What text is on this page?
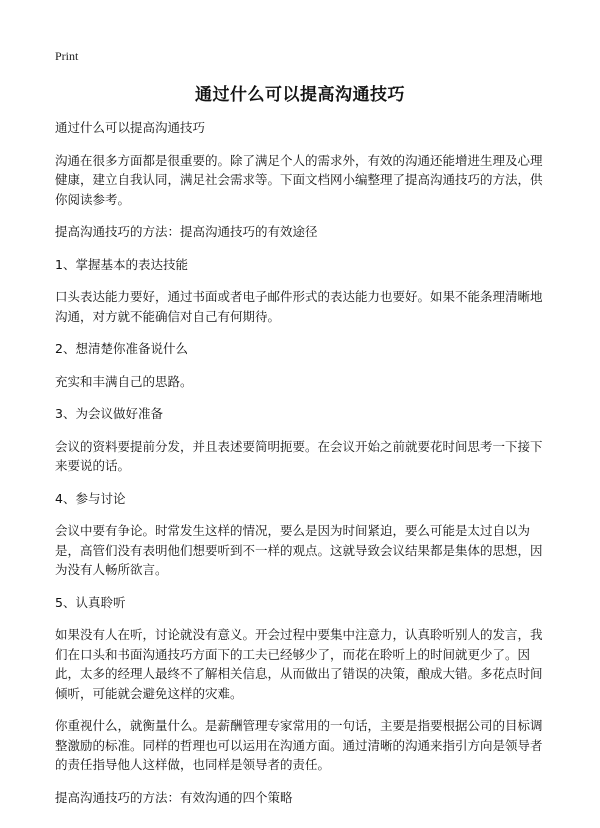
Print
通过什么可以提高沟通技巧

通过什么可以提高沟通技巧

沟通在很多方面都是很重要的。除了满足个人的需求外，有效的沟通还能增进生理及心理健康，建立自我认同，满足社会需求等。下面文档网小编整理了提高沟通技巧的方法，供你阅读参考。

提高沟通技巧的方法：提高沟通技巧的有效途径

1、掌握基本的表达技能

口头表达能力要好，通过书面或者电子邮件形式的表达能力也要好。如果不能条理清晰地沟通，对方就不能确信对自己有何期待。

2、想清楚你准备说什么

充实和丰满自己的思路。

3、为会议做好准备

会议的资料要提前分发，并且表述要简明扼要。在会议开始之前就要花时间思考一下接下来要说的话。

4、参与讨论

会议中要有争论。时常发生这样的情况，要么是因为时间紧迫，要么可能是太过自以为是，高管们没有表明他们想要听到不一样的观点。这就导致会议结果都是集体的思想，因为没有人畅所欲言。

5、认真聆听

如果没有人在听，讨论就没有意义。开会过程中要集中注意力，认真聆听别人的发言，我们在口头和书面沟通技巧方面下的工夫已经够少了，而花在聆听上的时间就更少了。因此，太多的经理人最终不了解相关信息，从而做出了错误的决策，酿成大错。多花点时间倾听，可能就会避免这样的灾难。

你重视什么，就衡量什么。是薪酬管理专家常用的一句话，主要是指要根据公司的目标调整激励的标准。同样的哲理也可以运用在沟通方面。通过清晰的沟通来指引方向是领导者的责任指导他人这样做，也同样是领导者的责任。

提高沟通技巧的方法：有效沟通的四个策略
